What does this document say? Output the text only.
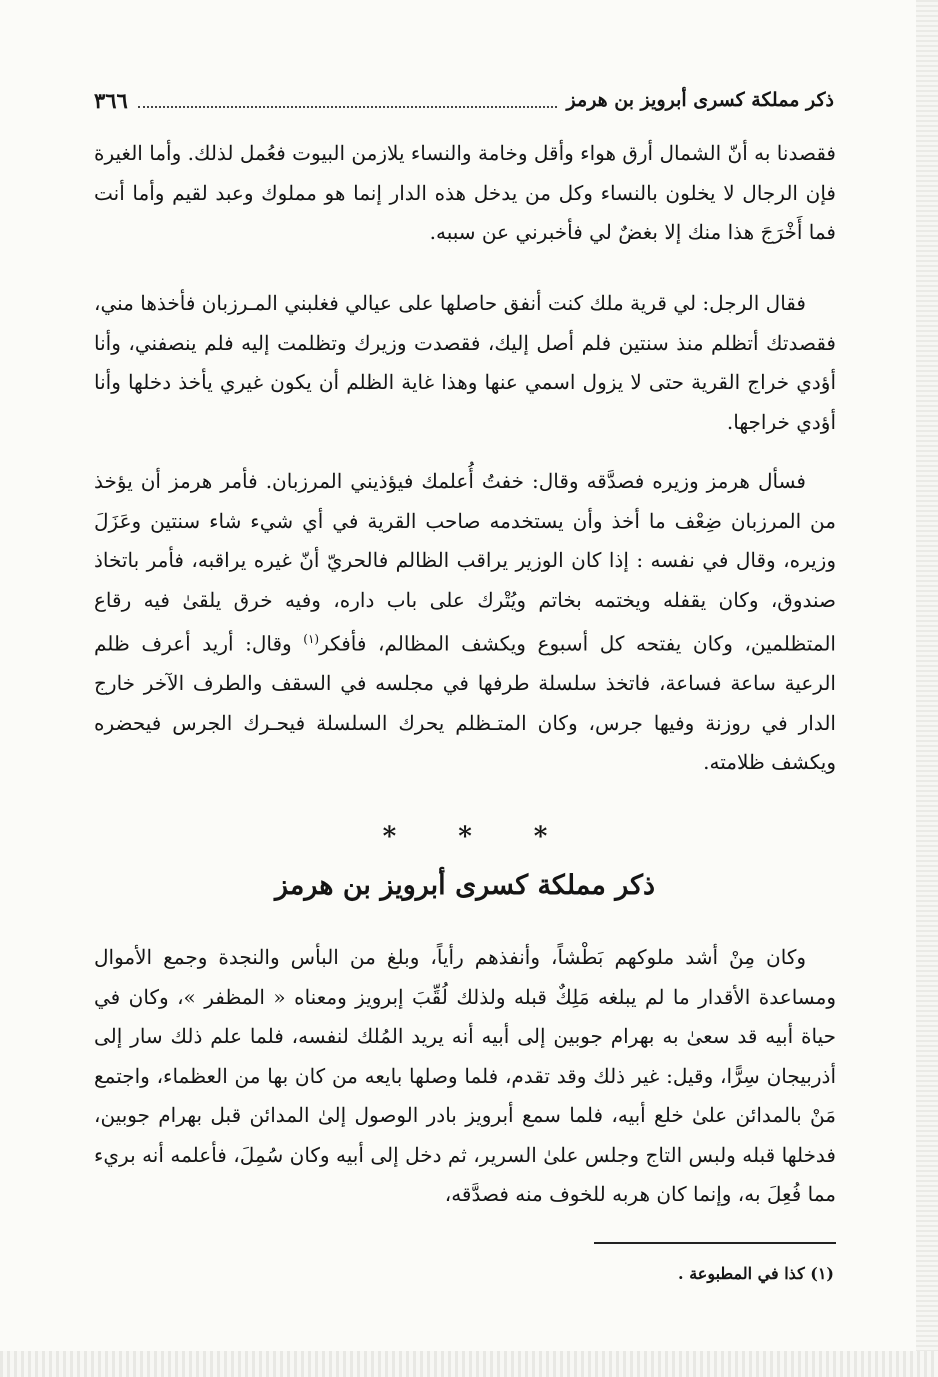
٣٦٦	ذكر مملكة كسرى أبرويز بن هرمز
فقصدنا به أنّ الشمال أرق هواء وأقل وخامة والنساء يلازمن البيوت فعُمل لذلك. وأما الغيرة فإن الرجال لا يخلون بالنساء وكل من يدخل هذه الدار إنما هو مملوك وعبد لقيم وأما أنت فما أَخْرَجَ هذا منك إلا بغضٌ لي فأخبرني عن سببه.
فقال الرجل: لي قرية ملك كنت أنفق حاصلها على عيالي فغلبني المـرزبان فأخذها مني، فقصدتك أتظلم منذ سنتين فلم أصل إليك، فقصدت وزيرك وتظلمت إليه فلم ينصفني، وأنا أؤدي خراج القرية حتى لا يزول اسمي عنها وهذا غاية الظلم أن يكون غيري يأخذ دخلها وأنا أؤدي خراجها.
فسأل هرمز وزيره فصدَّقه وقال: خفتُ أُعلمك فيؤذيني المرزبان. فأمر هرمز أن يؤخذ من المرزبان ضِعْف ما أخذ وأن يستخدمه صاحب القرية في أي شيء شاء سنتين وعَزَلَ وزيره، وقال في نفسه : إذا كان الوزير يراقب الظالم فالحريّ أنّ غيره يراقبه، فأمر باتخاذ صندوق، وكان يقفله ويختمه بخاتم ويُتْرك على باب داره، وفيه خرق يلقىٰ فيه رقاع المتظلمين، وكان يفتحه كل أسبوع ويكشف المظالم، فأفكر$^{(١)}$ وقال: أريد أعرف ظلم الرعية ساعة فساعة، فاتخذ سلسلة طرفها في مجلسه في السقف والطرف الآخر خارج الدار في روزنة وفيها جرس، وكان المتـظلم يحرك السلسلة فيحـرك الجرس فيحضره ويكشف ظلامته.
* * *
ذكر مملكة كسرى أبرويز بن هرمز
وكان مِنْ أشد ملوكهم بَطْشاً، وأنفذهم رأياً، وبلغ من البأس والنجدة وجمع الأموال ومساعدة الأقدار ما لم يبلغه مَلِكٌ قبله ولذلك لُقِّبَ إبرويز ومعناه « المظفر »، وكان في حياة أبيه قد سعىٰ به بهرام جوبين إلى أبيه أنه يريد المُلك لنفسه، فلما علم ذلك سار إلى أذربيجان سِرًّا، وقيل: غير ذلك وقد تقدم، فلما وصلها بايعه من كان بها من العظماء، واجتمع مَنْ بالمدائن علىٰ خلع أبيه، فلما سمع أبرويز بادر الوصول إلىٰ المدائن قبل بهرام جوبين، فدخلها قبله ولبس التاج وجلس علىٰ السرير، ثم دخل إلى أبيه وكان سُمِلَ، فأعلمه أنه بريء مما فُعِلَ به، وإنما كان هربه للخوف منه فصدَّقه،
(١) كذا في المطبوعة .
